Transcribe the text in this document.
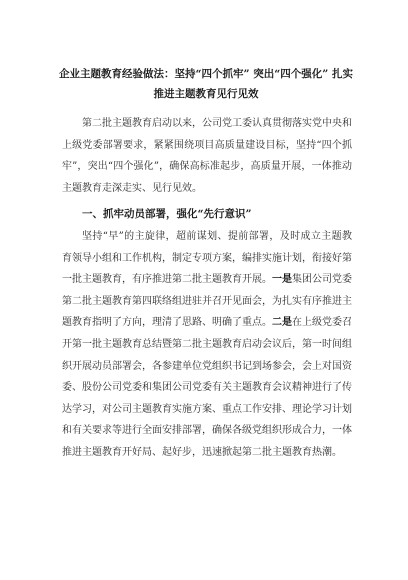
企业主题教育经验做法：坚持“四个抓牢” 突出“四个强化” 扎实推进主题教育见行见效

第二批主题教育启动以来，公司党工委认真贯彻落实党中央和上级党委部署要求，紧紧围绕项目高质量建设目标，坚持“四个抓牢”，突出“四个强化”，确保高标准起步，高质量开展，一体推动主题教育走深走实、见行见效。

一、抓牢动员部署，强化“先行意识”

坚持“早”的主旋律，超前谋划、提前部署，及时成立主题教育领导小组和工作机构，制定专项方案，编排实施计划，衔接好第一批主题教育，有序推进第二批主题教育开展。一是集团公司党委第二批主题教育第四联络组进驻并召开见面会，为扎实有序推进主题教育指明了方向，理清了思路、明确了重点。二是在上级党委召开第一批主题教育总结暨第二批主题教育启动会议后，第一时间组织开展动员部署会，各参建单位党组织书记到场参会，会上对国资委、股份公司党委和集团公司党委有关主题教育会议精神进行了传达学习，对公司主题教育实施方案、重点工作安排、理论学习计划和有关要求等进行全面安排部署，确保各级党组织形成合力，一体推进主题教育开好局、起好步，迅速掀起第二批主题教育热潮。
